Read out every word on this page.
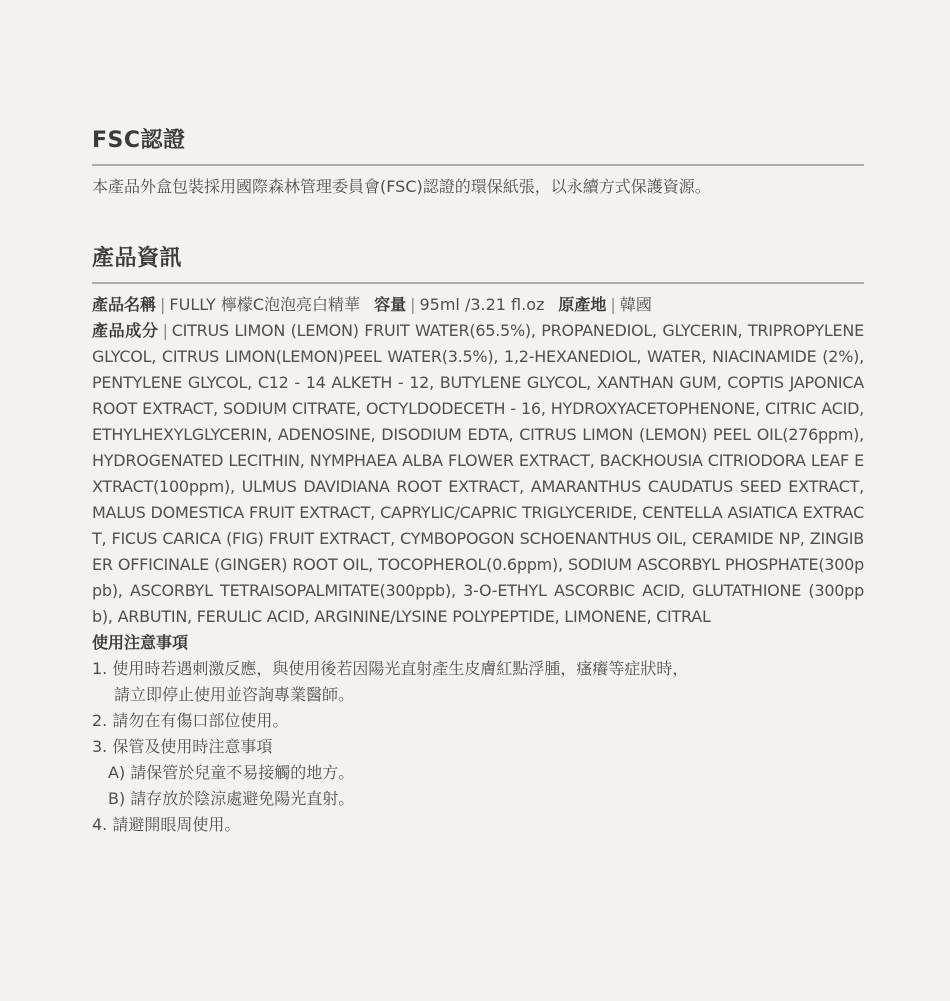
FSC認證
本產品外盒包裝採用國際森林管理委員會(FSC)認證的環保紙張，以永續方式保護資源。
產品資訊
產品名稱 | FULLY 檸檬C泡泡亮白精華 容量 | 95ml /3.21 fl.oz 原產地 | 韓國
產品成分 | CITRUS LIMON (LEMON) FRUIT WATER(65.5%), PROPANEDIOL, GLYCERIN, TRIPROPYLENE GLYCOL, CITRUS LIMON(LEMON)PEEL WATER(3.5%), 1,2-HEXANEDIOL, WATER, NIACINAMIDE (2%), PENTYLENE GLYCOL, C12 - 14 ALKETH - 12, BUTYLENE GLYCOL, XANTHAN GUM, COPTIS JAPONICA ROOT EXTRACT, SODIUM CITRATE, OCTYLDODECETH - 16, HYDROXYACETOPHENONE, CITRIC ACID, ETHYLHEXYLGLYCERIN, ADENOSINE, DISODIUM EDTA, CITRUS LIMON (LEMON) PEEL OIL(276ppm), HYDROGENATED LECITHIN, NYMPHAEA ALBA FLOWER EXTRACT, BACKHOUSIA CITRIODORA LEAF EXTRACT(100ppm), ULMUS DAVIDIANA ROOT EXTRACT, AMARANTHUS CAUDATUS SEED EXTRACT, MALUS DOMESTICA FRUIT EXTRACT, CAPRYLIC/CAPRIC TRIGLYCERIDE, CENTELLA ASIATICA EXTRACT, FICUS CARICA (FIG) FRUIT EXTRACT, CYMBOPOGON SCHOENANTHUS OIL, CERAMIDE NP, ZINGIBER OFFICINALE (GINGER) ROOT OIL, TOCOPHEROL(0.6ppm), SODIUM ASCORBYL PHOSPHATE(300ppb), ASCORBYL TETRAISOPALMITATE(300ppb), 3-O-ETHYL ASCORBIC ACID, GLUTATHIONE (300ppb), ARBUTIN, FERULIC ACID, ARGININE/LYSINE POLYPEPTIDE, LIMONENE, CITRAL
使用注意事項
1. 使用時若遇刺激反應，與使用後若因陽光直射產生皮膚紅點浮腫，瘙癢等症狀時，
請立即停止使用並咨詢專業醫師。
2. 請勿在有傷口部位使用。
3. 保管及使用時注意事項
A) 請保管於兒童不易接觸的地方。
B) 請存放於陰涼處避免陽光直射。
4. 請避開眼周使用。
